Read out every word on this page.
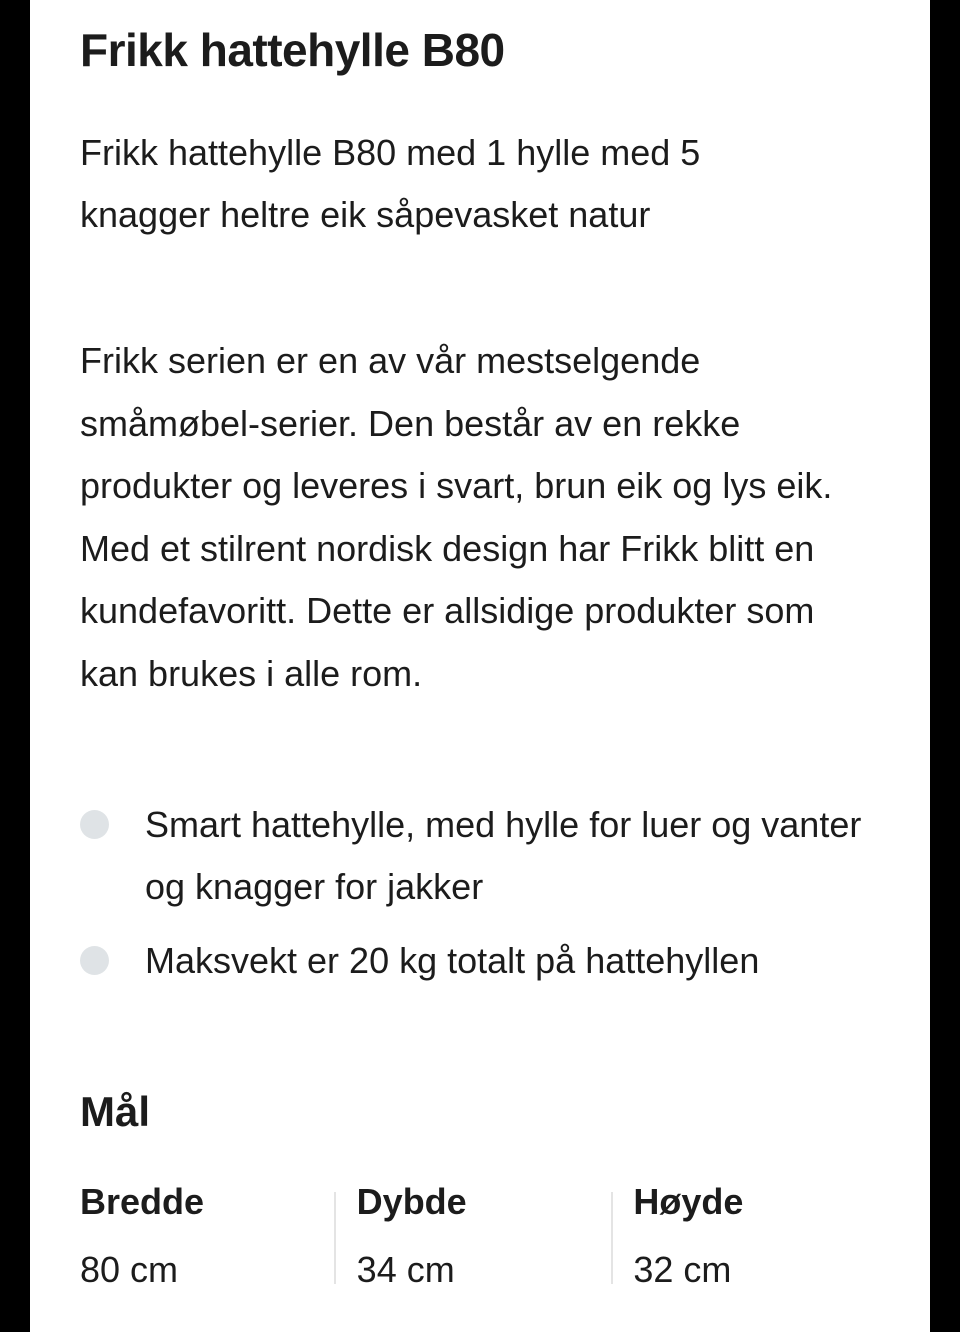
Frikk hattehylle B80

Frikk hattehylle B80 med 1 hylle med 5 knagger heltre eik såpevasket natur

Frikk serien er en av vår mestselgende småmøbel-serier. Den består av en rekke produkter og leveres i svart, brun eik og lys eik. Med et stilrent nordisk design har Frikk blitt en kundefavoritt. Dette er allsidige produkter som kan brukes i alle rom.

Smart hattehylle, med hylle for luer og vanter og knagger for jakker
Maksvekt er 20 kg totalt på hattehyllen
Mål
Bredde
80 cm
Dybde
34 cm
Høyde
32 cm
